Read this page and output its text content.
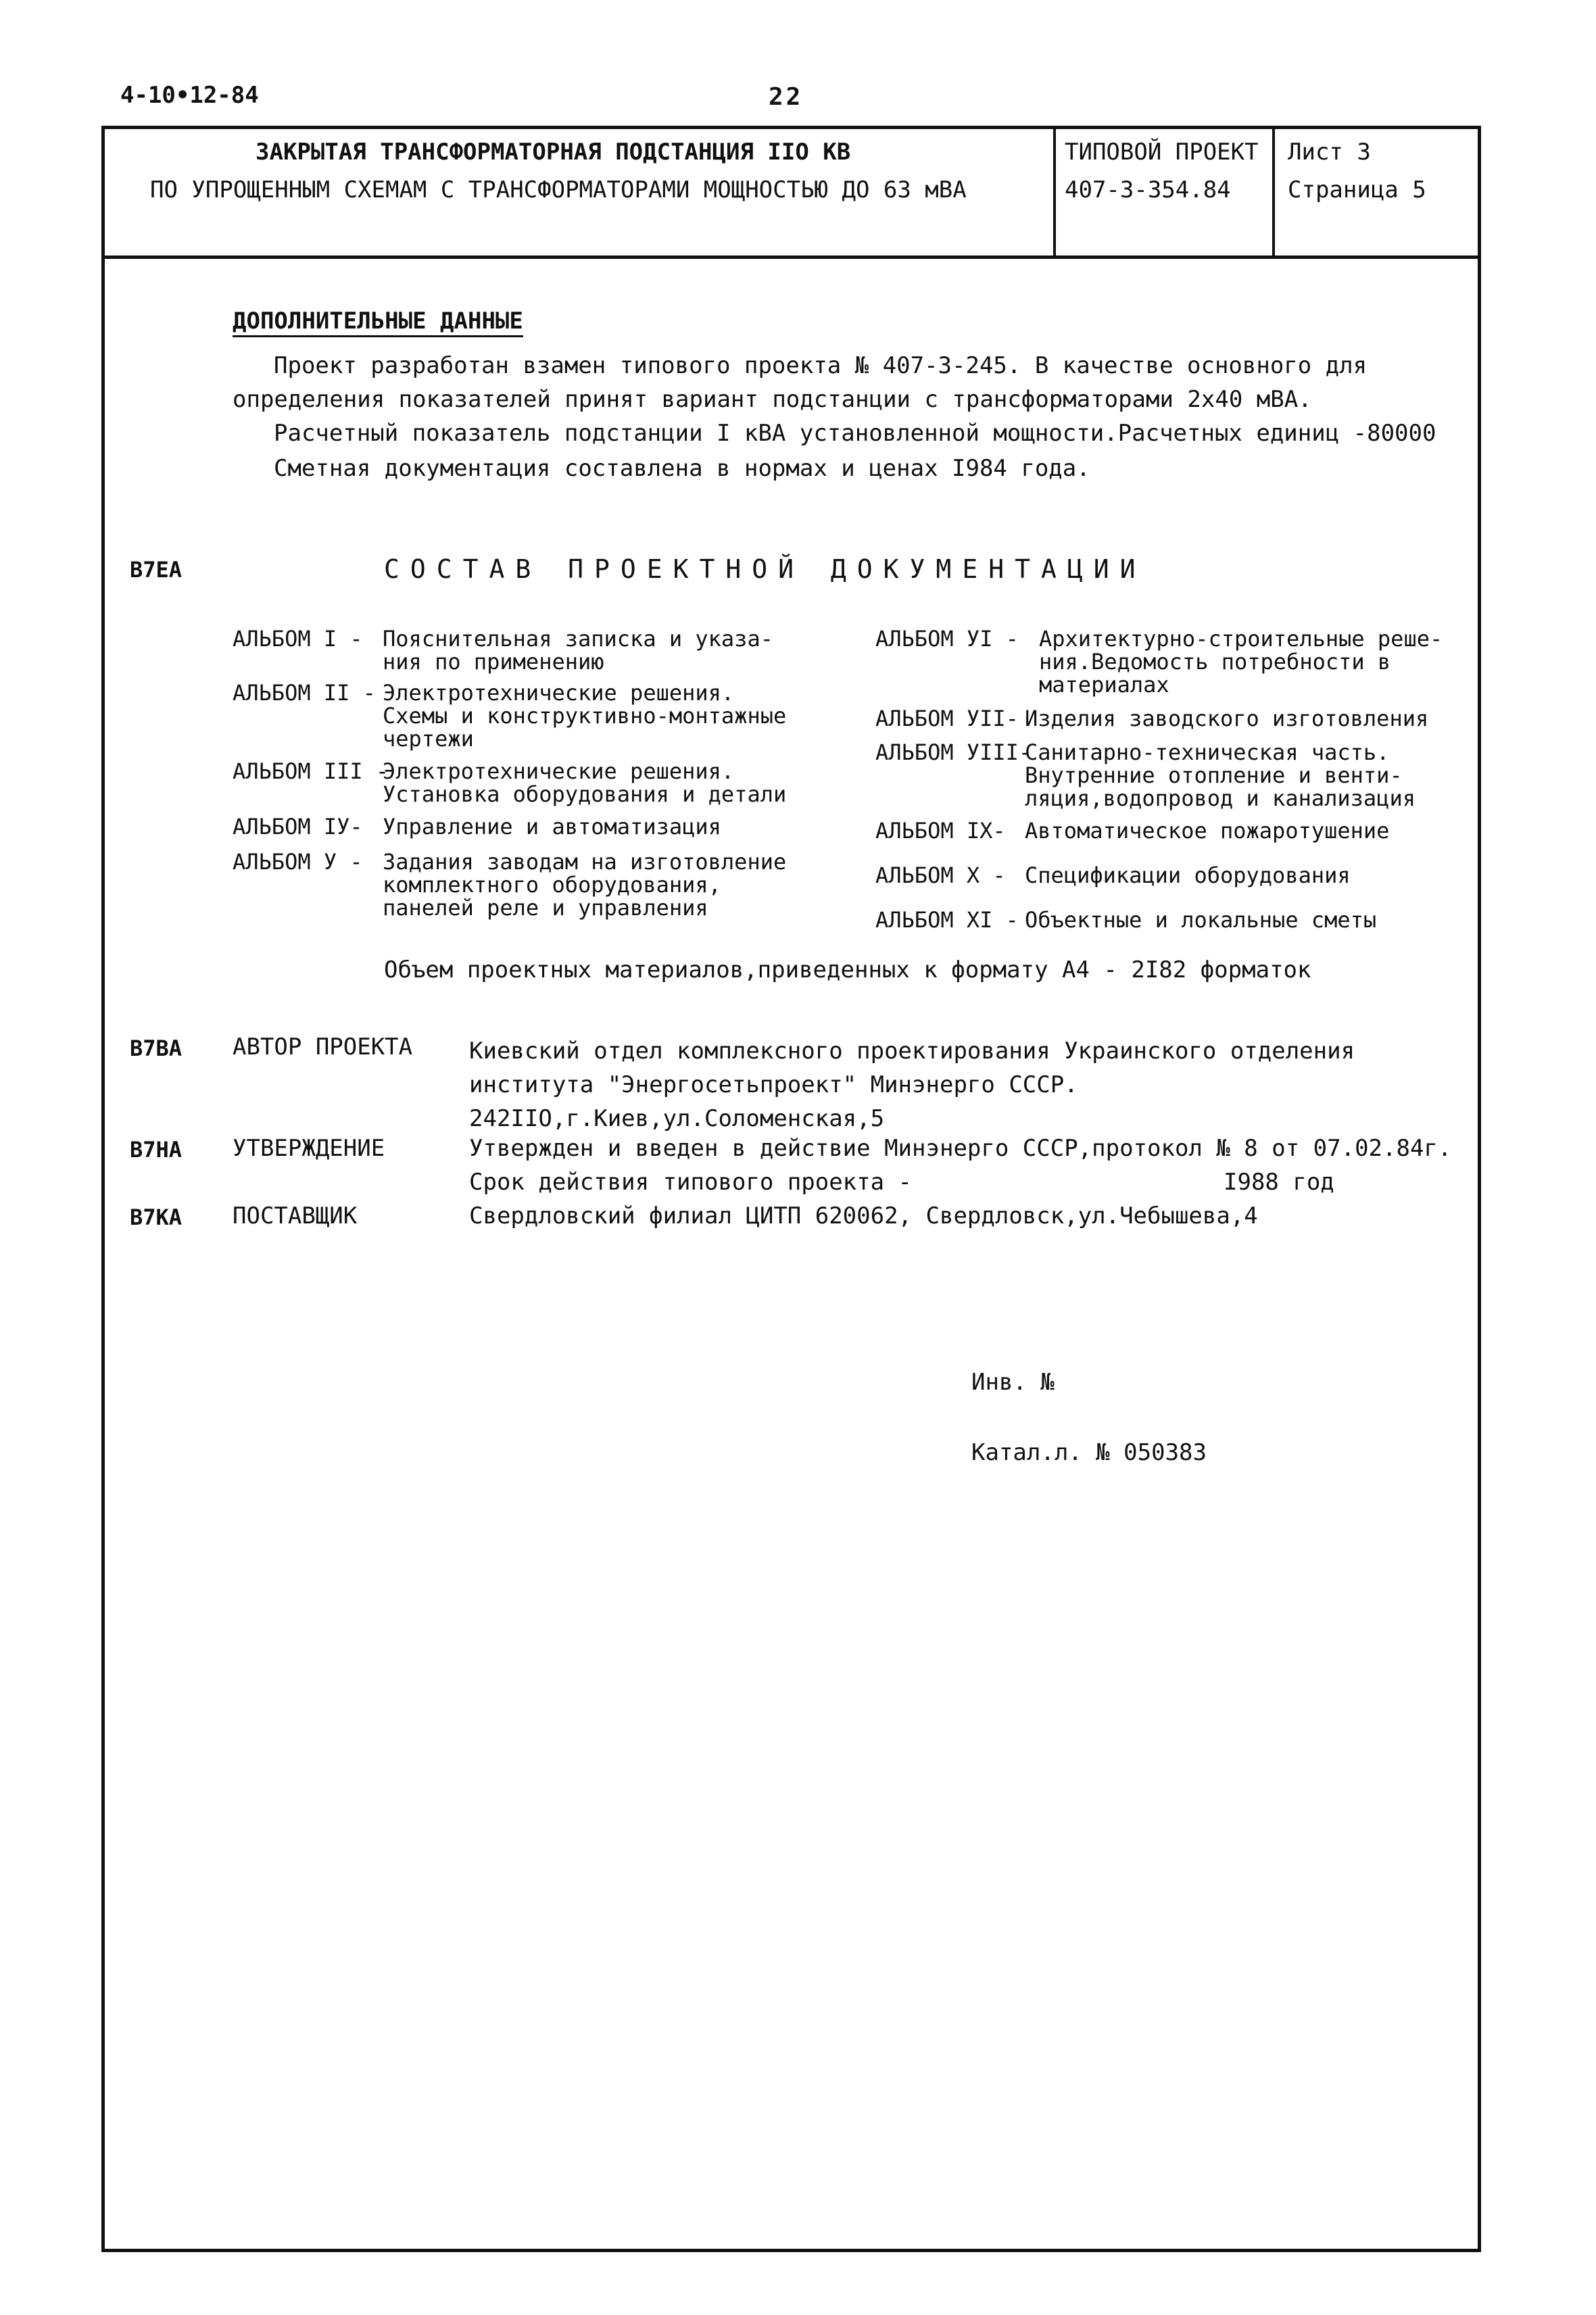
4-10•12-84	22
ЗАКРЫТАЯ ТРАНСФОРМАТОРНАЯ ПОДСТАНЦИЯ IIO КВ
ПО УПРОЩЕННЫМ СХЕМАМ С ТРАНСФОРМАТОРАМИ МОЩНОСТЬЮ ДО 63 мВА
ТИПОВОЙ ПРОЕКТ
407-3-354.84
Лист 3
Страница 5
ДОПОЛНИТЕЛЬНЫЕ ДАННЫЕ
Проект разработан взамен типового проекта № 407-3-245. В качестве основного для
определения показателей принят вариант подстанции с трансформаторами 2х40 мВА.
Расчетный показатель подстанции I кВА установленной мощности.Расчетных единиц -80000
Сметная документация составлена в нормах и ценах I984 года.
В7ЕА	СОСТАВ ПРОЕКТНОЙ ДОКУМЕНТАЦИИ
АЛЬБОМ I - Пояснительная записка и указа-
ния по применению
АЛЬБОМ II - Электротехнические решения.
Схемы и конструктивно-монтажные
чертежи
АЛЬБОМ III -
Электротехнические решения.
Установка оборудования и детали
АЛЬБОМ IУ- Управление и автоматизация
АЛЬБОМ У - Задания заводам на изготовление
комплектного оборудования,
панелей реле и управления
АЛЬБОМ УI - Архитектурно-строительные реше-
ния.Ведомость потребности в
материалах
АЛЬБОМ УII- Изделия заводского изготовления
АЛЬБОМ УIII-
Санитарно-техническая часть.
Внутренние отопление и венти-
ляция,водопровод и канализация
АЛЬБОМ IX- Автоматическое пожаротушение
АЛЬБОМ X - Спецификации оборудования
АЛЬБОМ XI - Объектные и локальные сметы
Объем проектных материалов,приведенных к формату А4 - 2I82 форматок
В7ВА АВТОР ПРОЕКТА Киевский отдел комплексного проектирования Украинского отделения
института "Энергосетьпроект" Минэнерго СССР.
242IIO,г.Киев,ул.Соломенская,5
В7НА УТВЕРЖДЕНИЕ	Утвержден и введен в действие Минэнерго СССР,протокол № 8 от 07.02.84г.
Срок действия типового проекта -	I988 год
В7КА ПОСТАВЩИК	Свердловский филиал ЦИТП 620062, Свердловск,ул.Чебышева,4
Инв. №
Катал.л. № 050383
